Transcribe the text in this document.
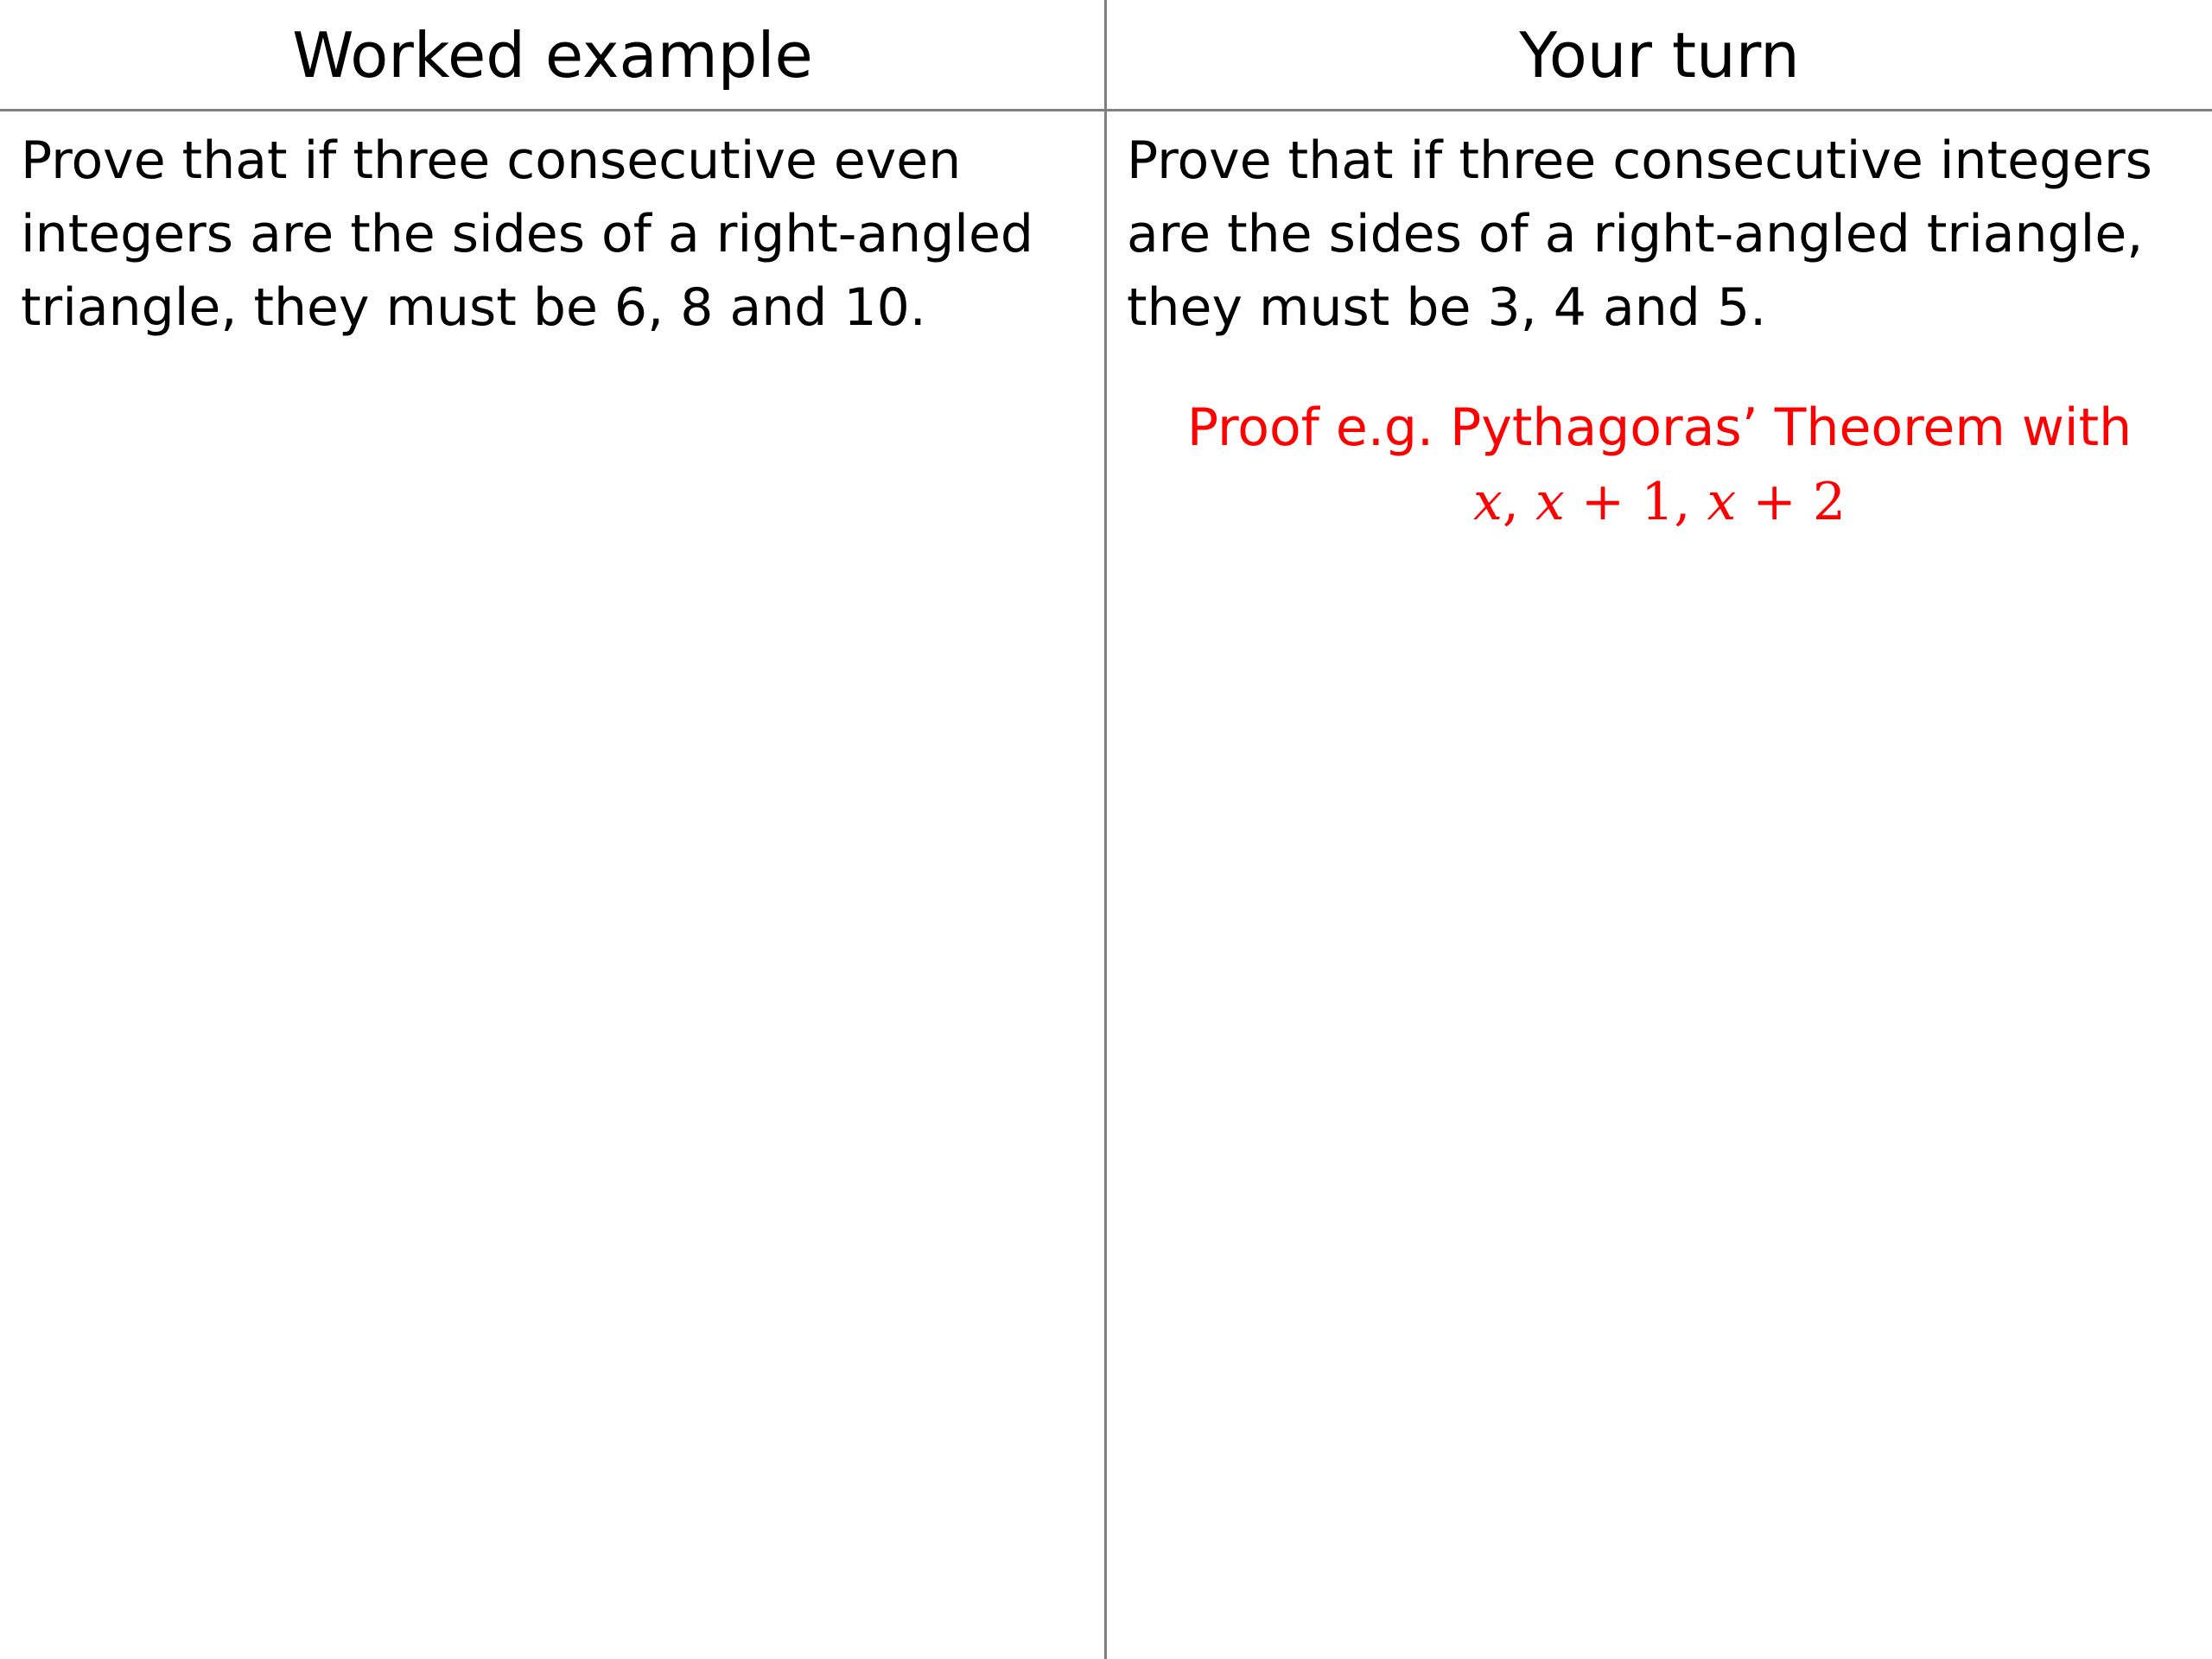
Worked example	Your turn
Prove that if three consecutive even
integers are the sides of a right-angled
triangle, they must be 6, 8 and 10.
Prove that if three consecutive integers
are the sides of a right-angled triangle,
they must be 3, 4 and 5.
Proof e.g. Pythagoras’ Theorem with
𝑥, 𝑥 + 1, 𝑥 + 2
